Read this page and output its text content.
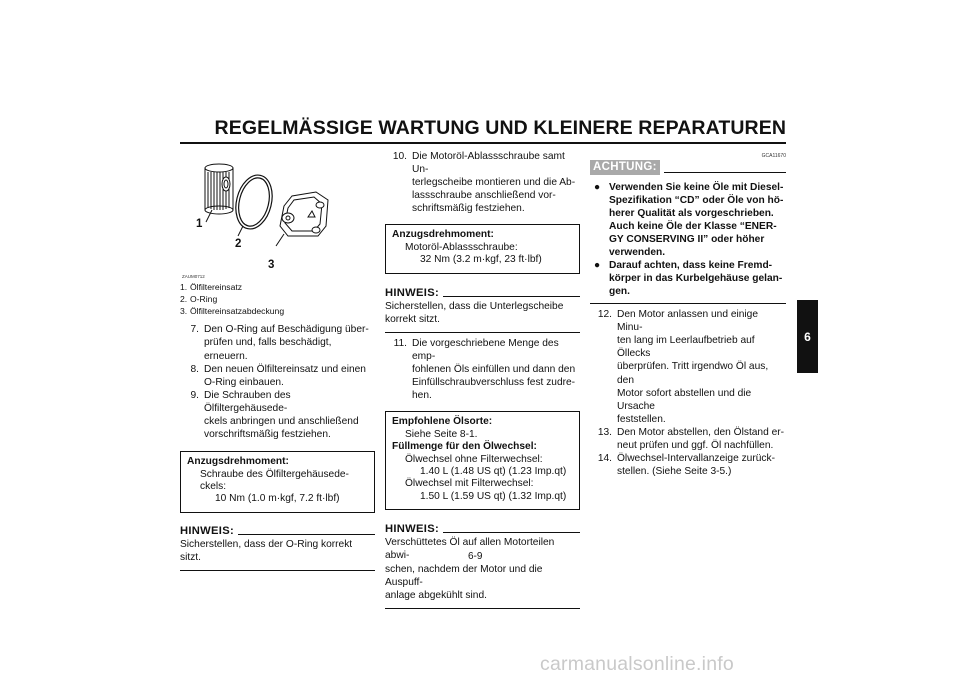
REGELMÄSSIGE WARTUNG UND KLEINERE REPARATUREN
1
2
3
ZAUM0712
1. Ölfiltereinsatz
2. O-Ring
3. Ölfiltereinsatzabdeckung
7. Den O-Ring auf Beschädigung über-
prüfen und, falls beschädigt, erneuern.
8. Den neuen Ölfiltereinsatz und einen
O-Ring einbauen.
9. Die Schrauben des Ölfiltergehäusede-
ckels anbringen und anschließend
vorschriftsmäßig festziehen.
Anzugsdrehmoment:
Schraube des Ölfiltergehäusede-
ckels:
10 Nm (1.0 m·kgf, 7.2 ft·lbf)
HINWEIS:
Sicherstellen, dass der O-Ring korrekt sitzt.
10. Die Motoröl-Ablassschraube samt Un-
terlegscheibe montieren und die Ab-
lassschraube anschließend vor-
schriftsmäßig festziehen.
Anzugsdrehmoment:
Motoröl-Ablassschraube:
32 Nm (3.2 m·kgf, 23 ft·lbf)
HINWEIS:
Sicherstellen, dass die Unterlegscheibe
korrekt sitzt.
11. Die vorgeschriebene Menge des emp-
fohlenen Öls einfüllen und dann den
Einfüllschraubverschluss fest zudre-
hen.
Empfohlene Ölsorte:
Siehe Seite 8-1.
Füllmenge für den Ölwechsel:
Ölwechsel ohne Filterwechsel:
1.40 L (1.48 US qt) (1.23 Imp.qt)
Ölwechsel mit Filterwechsel:
1.50 L (1.59 US qt) (1.32 Imp.qt)
HINWEIS:
Verschüttetes Öl auf allen Motorteilen abwi-
schen, nachdem der Motor und die Auspuff-
anlage abgekühlt sind.
GCA11670
ACHTUNG:
● Verwenden Sie keine Öle mit Diesel-
Spezifikation “CD” oder Öle von hö-
herer Qualität als vorgeschrieben.
Auch keine Öle der Klasse “ENER-
GY CONSERVING II” oder höher
verwenden.
● Darauf achten, dass keine Fremd-
körper in das Kurbelgehäuse gelan-
gen.
12. Den Motor anlassen und einige Minu-
ten lang im Leerlaufbetrieb auf Öllecks
überprüfen. Tritt irgendwo Öl aus, den
Motor sofort abstellen und die Ursache
feststellen.
13. Den Motor abstellen, den Ölstand er-
neut prüfen und ggf. Öl nachfüllen.
14. Ölwechsel-Intervallanzeige zurück-
stellen. (Siehe Seite 3-5.)
6
6-9
carmanualsonline.info
